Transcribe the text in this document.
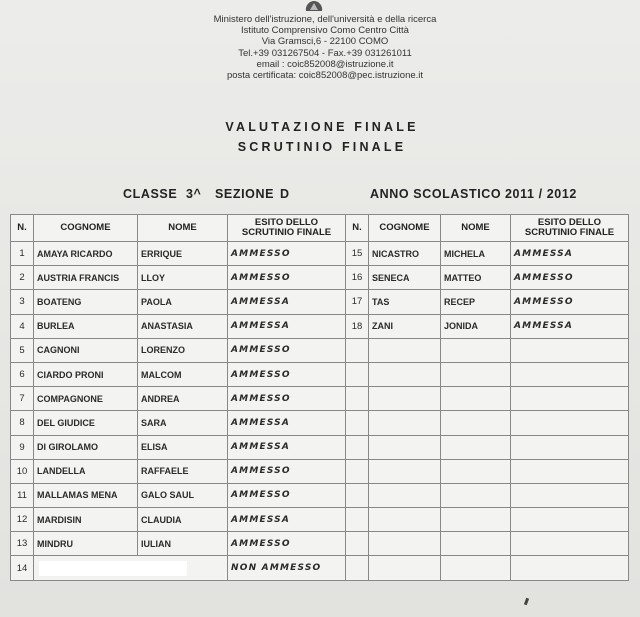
Ministero dell'istruzione, dell'università e della ricerca
Istituto Comprensivo Como Centro Città
Via Gramsci,6 - 22100 COMO
Tel.+39 031267504 - Fax.+39 031261011
email : coic852008@istruzione.it
posta certificata: coic852008@pec.istruzione.it
VALUTAZIONE FINALE
SCRUTINIO FINALE
CLASSE 3^ SEZIONE D	ANNO SCOLASTICO 2011 / 2012
N.	COGNOME	NOME	ESITO DELLO SCRUTINIO FINALE	N.	COGNOME	NOME	ESITO DELLO SCRUTINIO FINALE
1	AMAYA RICARDO	ERRIQUE	AMMESSO	15	NICASTRO	MICHELA	AMMESSA
2	AUSTRIA FRANCIS	LLOY	AMMESSO	16	SENECA	MATTEO	AMMESSO
3	BOATENG	PAOLA	AMMESSA	17	TAS	RECEP	AMMESSO
4	BURLEA	ANASTASIA	AMMESSA	18	ZANI	JONIDA	AMMESSA
5	CAGNONI	LORENZO	AMMESSO				
6	CIARDO PRONI	MALCOM	AMMESSO				
7	COMPAGNONE	ANDREA	AMMESSO				
8	DEL GIUDICE	SARA	AMMESSA				
9	DI GIROLAMO	ELISA	AMMESSA				
10	LANDELLA	RAFFAELE	AMMESSO				
11	MALLAMAS MENA	GALO SAUL	AMMESSO				
12	MARDISIN	CLAUDIA	AMMESSA				
13	MINDRU	IULIAN	AMMESSO				
14			NON AMMESSO				
